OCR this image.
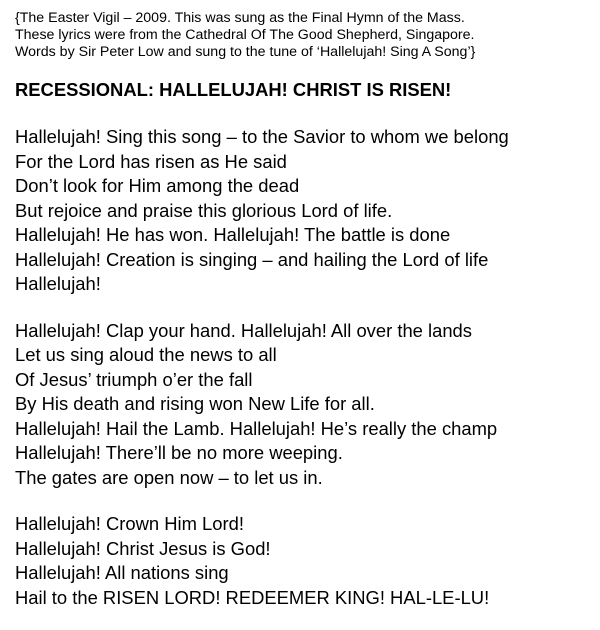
{The Easter Vigil – 2009. This was sung as the Final Hymn of the Mass.

These lyrics were from the Cathedral Of The Good Shepherd, Singapore.

Words by Sir Peter Low and sung to the tune of ‘Hallelujah! Sing A Song’}

RECESSIONAL: HALLELUJAH! CHRIST IS RISEN!

Hallelujah! Sing this song – to the Savior to whom we belong

For the Lord has risen as He said

Don’t look for Him among the dead

But rejoice and praise this glorious Lord of life.

Hallelujah! He has won. Hallelujah! The battle is done

Hallelujah! Creation is singing – and hailing the Lord of life

Hallelujah!

Hallelujah! Clap your hand. Hallelujah! All over the lands

Let us sing aloud the news to all

Of Jesus’ triumph o’er the fall

By His death and rising won New Life for all.

Hallelujah! Hail the Lamb. Hallelujah! He’s really the champ

Hallelujah! There’ll be no more weeping.

The gates are open now – to let us in.

Hallelujah! Crown Him Lord!

Hallelujah! Christ Jesus is God!

Hallelujah! All nations sing

Hail to the RISEN LORD! REDEEMER KING! HAL-LE-LU!
